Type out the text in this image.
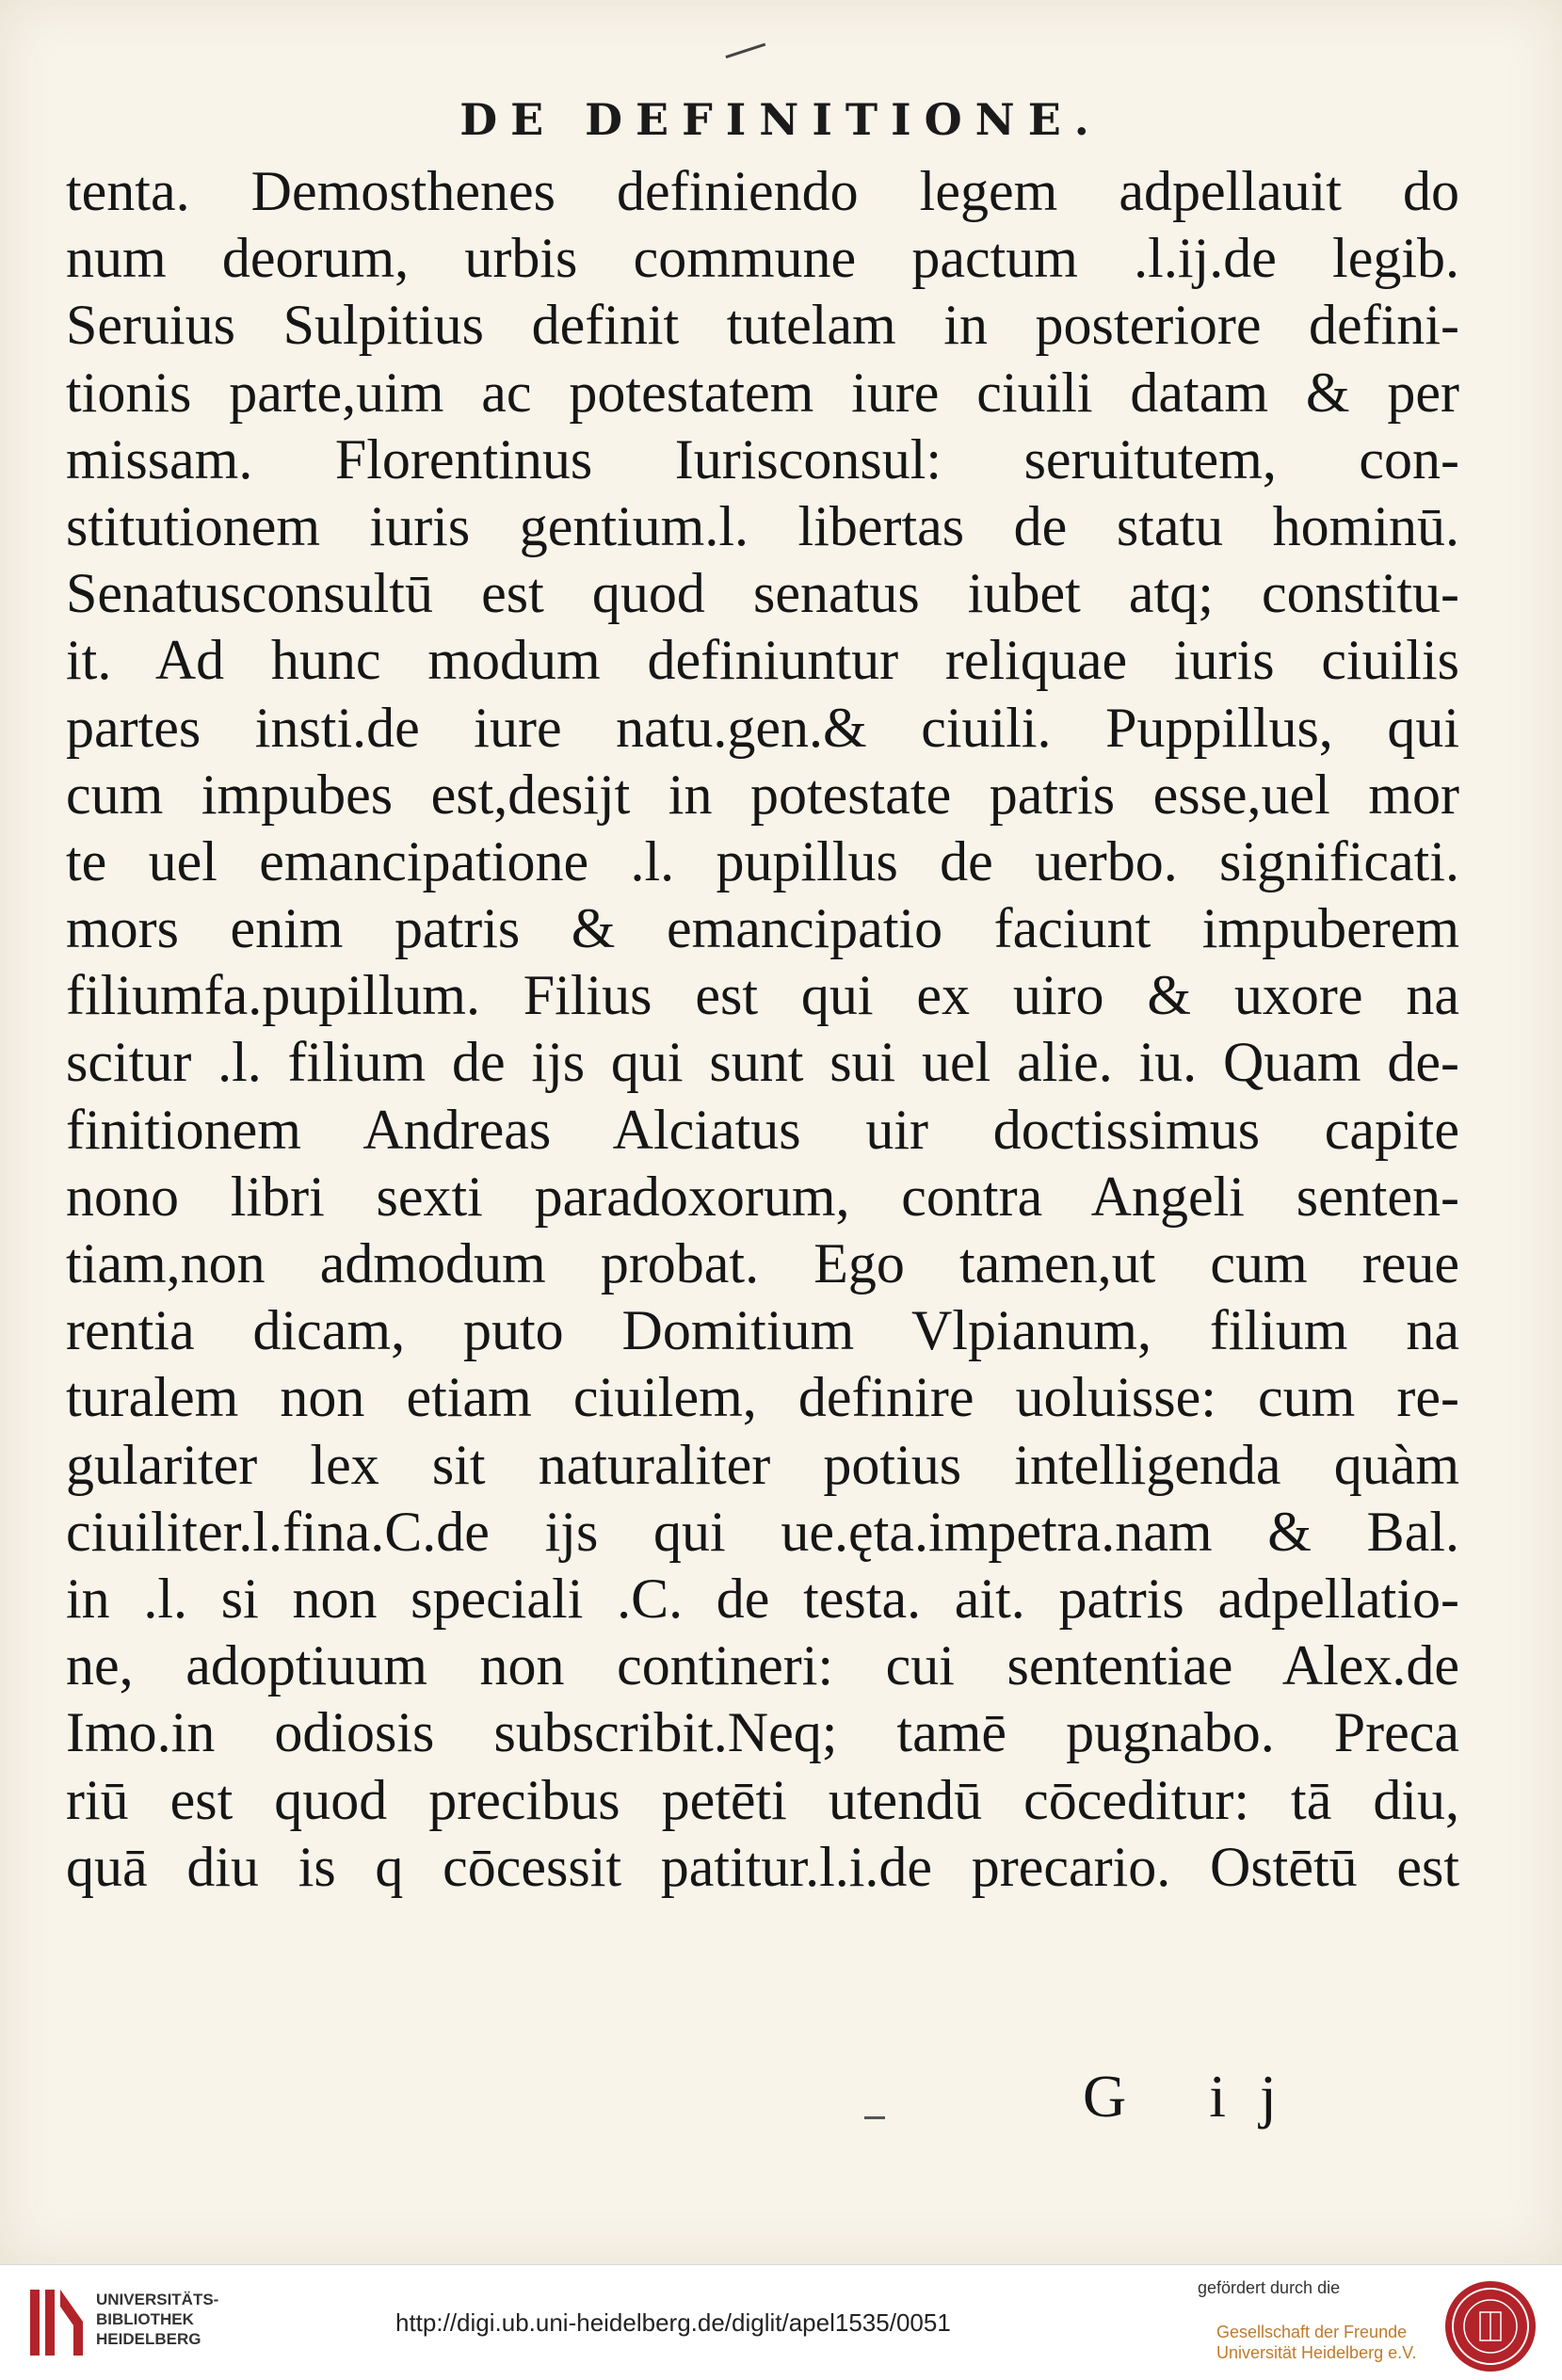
DE DEFINITIONE.
tenta. Demosthenes definiendo legem adpellauit do
num deorum, urbis commune pactum .l.ij.de legib.
Seruius Sulpitius definit tutelam in posteriore defini-
tionis parte,uim ac potestatem iure ciuili datam & per
missam. Florentinus Iurisconsul: seruitutem, con-
stitutionem iuris gentium.l. libertas de statu hominū.
Senatusconsultū est quod senatus iubet atq; constitu-
it. Ad hunc modum definiuntur reliquae iuris ciuilis
partes insti.de iure natu.gen.& ciuili. Puppillus, qui
cum impubes est,desijt in potestate patris esse,uel mor
te uel emancipatione .l. pupillus de uerbo. significati.
mors enim patris & emancipatio faciunt impuberem
filiumfa.pupillum. Filius est qui ex uiro & uxore na
scitur .l. filium de ijs qui sunt sui uel alie. iu. Quam de-
finitionem Andreas Alciatus uir doctissimus capite
nono libri sexti paradoxorum, contra Angeli senten-
tiam,non admodum probat. Ego tamen,ut cum reue
rentia dicam, puto Domitium Vlpianum, filium na
turalem non etiam ciuilem, definire uoluisse: cum re-
gulariter lex sit naturaliter potius intelligenda quàm
ciuiliter.l.fina.C.de ijs qui ue.ęta.impetra.nam & Bal.
in .l. si non speciali .C. de testa. ait. patris adpellatio-
ne, adoptiuum non contineri: cui sententiae Alex.de
Imo.in odiosis subscribit.Neq; tamē pugnabo. Preca
riū est quod precibus petēti utendū cōceditur: tā diu,
quā diu is q cōcessit patitur.l.i.de precario. Ostētū est
G ij
UNIVERSITÄTS-
BIBLIOTHEK
HEIDELBERG
http://digi.ub.uni-heidelberg.de/diglit/apel1535/0051
gefördert durch die
Gesellschaft der Freunde
Universität Heidelberg e.V.
